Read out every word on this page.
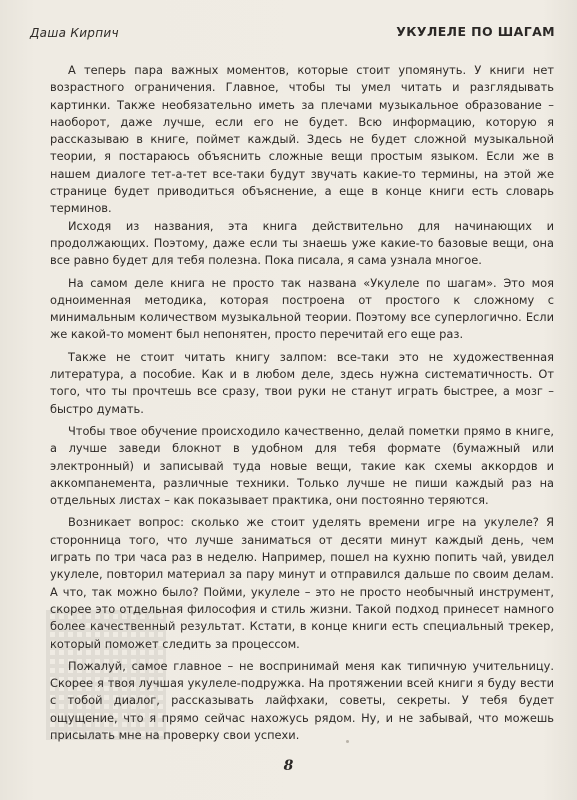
Даша Кирпич	УКУЛЕЛЕ ПО ШАГАМ

А теперь пара важных моментов, которые стоит упомянуть. У книги нет возрастного ограничения. Главное, чтобы ты умел читать и разглядывать картинки. Также необязательно иметь за плечами музыкальное образование – наоборот, даже лучше, если его не будет. Всю информацию, которую я рассказываю в книге, поймет каждый. Здесь не будет сложной музыкальной теории, я постараюсь объяснить сложные вещи простым языком. Если же в нашем диалоге тет-а-тет все-таки будут звучать какие-то термины, на этой же странице будет приводиться объяснение, а еще в конце книги есть словарь терминов.

Исходя из названия, эта книга действительно для начинающих и продолжающих. Поэтому, даже если ты знаешь уже какие-то базовые вещи, она все равно будет для тебя полезна. Пока писала, я сама узнала многое.

На самом деле книга не просто так названа «Укулеле по шагам». Это моя одноименная методика, которая построена от простого к сложному с минимальным количеством музыкальной теории. Поэтому все суперлогично. Если же какой-то момент был непонятен, просто перечитай его еще раз.

Также не стоит читать книгу залпом: все-таки это не художественная литература, а пособие. Как и в любом деле, здесь нужна систематичность. От того, что ты прочтешь все сразу, твои руки не станут играть быстрее, а мозг – быстро думать.

Чтобы твое обучение происходило качественно, делай пометки прямо в книге, а лучше заведи блокнот в удобном для тебя формате (бумажный или электронный) и записывай туда новые вещи, такие как схемы аккордов и аккомпанемента, различные техники. Только лучше не пиши каждый раз на отдельных листах – как показывает практика, они постоянно теряются.

Возникает вопрос: сколько же стоит уделять времени игре на укулеле? Я сторонница того, что лучше заниматься от десяти минут каждый день, чем играть по три часа раз в неделю. Например, пошел на кухню попить чай, увидел укулеле, повторил материал за пару минут и отправился дальше по своим делам. А что, так можно было? Пойми, укулеле – это не просто необычный инструмент, скорее это отдельная философия и стиль жизни. Такой подход принесет намного более качественный результат. Кстати, в конце книги есть специальный трекер, который поможет следить за процессом.

Пожалуй, самое главное – не воспринимай меня как типичную учительницу. Скорее я твоя лучшая укулеле-подружка. На протяжении всей книги я буду вести с тобой диалог, рассказывать лайфхаки, советы, секреты. У тебя будет ощущение, что я прямо сейчас нахожусь рядом. Ну, и не забывай, что можешь присылать мне на проверку свои успехи.

8
